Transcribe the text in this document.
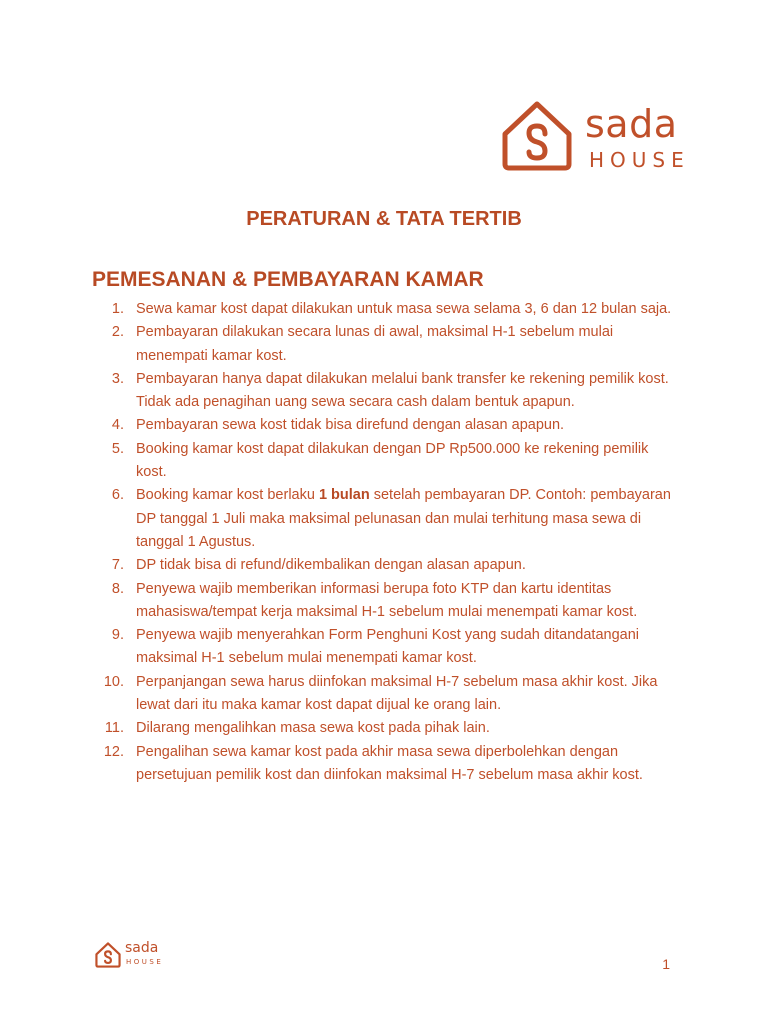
sada
HOUSE
PERATURAN & TATA TERTIB
PEMESANAN & PEMBAYARAN KAMAR
1. Sewa kamar kost dapat dilakukan untuk masa sewa selama 3, 6 dan 12 bulan saja.
2. Pembayaran dilakukan secara lunas di awal, maksimal H-1 sebelum mulai menempati kamar kost.
3. Pembayaran hanya dapat dilakukan melalui bank transfer ke rekening pemilik kost. Tidak ada penagihan uang sewa secara cash dalam bentuk apapun.
4. Pembayaran sewa kost tidak bisa direfund dengan alasan apapun.
5. Booking kamar kost dapat dilakukan dengan DP Rp500.000 ke rekening pemilik kost.
6. Booking kamar kost berlaku 1 bulan setelah pembayaran DP. Contoh: pembayaran DP tanggal 1 Juli maka maksimal pelunasan dan mulai terhitung masa sewa di tanggal 1 Agustus.
7. DP tidak bisa di refund/dikembalikan dengan alasan apapun.
8. Penyewa wajib memberikan informasi berupa foto KTP dan kartu identitas mahasiswa/tempat kerja maksimal H-1 sebelum mulai menempati kamar kost.
9. Penyewa wajib menyerahkan Form Penghuni Kost yang sudah ditandatangani maksimal H-1 sebelum mulai menempati kamar kost.
10. Perpanjangan sewa harus diinfokan maksimal H-7 sebelum masa akhir kost. Jika lewat dari itu maka kamar kost dapat dijual ke orang lain.
11. Dilarang mengalihkan masa sewa kost pada pihak lain.
12. Pengalihan sewa kamar kost pada akhir masa sewa diperbolehkan dengan persetujuan pemilik kost dan diinfokan maksimal H-7 sebelum masa akhir kost.
sada
HOUSE	1
